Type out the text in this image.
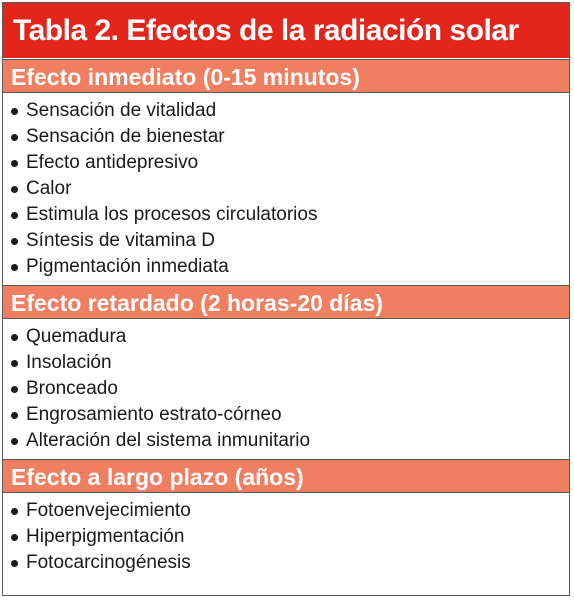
Tabla 2. Efectos de la radiación solar
Efecto inmediato (0-15 minutos)
Sensación de vitalidad
Sensación de bienestar
Efecto antidepresivo
Calor
Estimula los procesos circulatorios
Síntesis de vitamina D
Pigmentación inmediata
Efecto retardado (2 horas-20 días)
Quemadura
Insolación
Bronceado
Engrosamiento estrato-córneo
Alteración del sistema inmunitario
Efecto a largo plazo (años)
Fotoenvejecimiento
Hiperpigmentación
Fotocarcinogénesis
